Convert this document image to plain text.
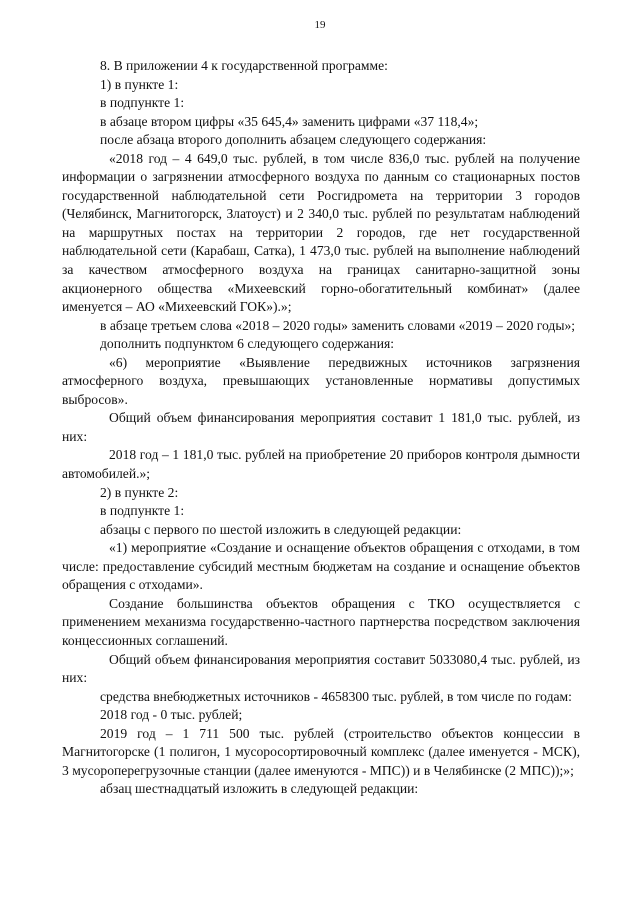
19

8. В приложении 4 к государственной программе:

1) в пункте 1:

в подпункте 1:

в абзаце втором цифры «35 645,4» заменить цифрами «37 118,4»;

после абзаца второго дополнить абзацем следующего содержания:

«2018 год – 4 649,0 тыс. рублей, в том числе 836,0 тыс. рублей на получение информации о загрязнении атмосферного воздуха по данным со стационарных постов государственной наблюдательной сети Росгидромета на территории 3 городов (Челябинск, Магнитогорск, Златоуст) и 2 340,0 тыс. рублей по результатам наблюдений на маршрутных постах на территории 2 городов, где нет государственной наблюдательной сети (Карабаш, Сатка), 1 473,0 тыс. рублей на выполнение наблюдений за качеством атмосферного воздуха на границах санитарно-защитной зоны акционерного общества «Михеевский горно-обогатительный комбинат» (далее именуется – АО «Михеевский ГОК»).»;

в абзаце третьем слова «2018 – 2020 годы» заменить словами «2019 – 2020 годы»;

дополнить подпунктом 6 следующего содержания:

«6) мероприятие «Выявление передвижных источников загрязнения атмосферного воздуха, превышающих установленные нормативы допустимых выбросов».

Общий объем финансирования мероприятия составит 1 181,0 тыс. рублей, из них:

2018 год – 1 181,0 тыс. рублей на приобретение 20 приборов контроля дымности автомобилей.»;

2) в пункте 2:

в подпункте 1:

абзацы с первого по шестой изложить в следующей редакции:

«1) мероприятие «Создание и оснащение объектов обращения с отходами, в том числе: предоставление субсидий местным бюджетам на создание и оснащение объектов обращения с отходами».

Создание большинства объектов обращения с ТКО осуществляется с применением механизма государственно-частного партнерства посредством заключения концессионных соглашений.

Общий объем финансирования мероприятия составит 5033080,4 тыс. рублей, из них:

средства внебюджетных источников - 4658300 тыс. рублей, в том числе по годам:

2018 год - 0 тыс. рублей;

2019 год – 1 711 500 тыс. рублей (строительство объектов концессии в Магнитогорске (1 полигон, 1 мусоросортировочный комплекс (далее именуется - МСК), 3 мусороперегрузочные станции (далее именуются - МПС)) и в Челябинске (2 МПС));»;

абзац шестнадцатый изложить в следующей редакции:
